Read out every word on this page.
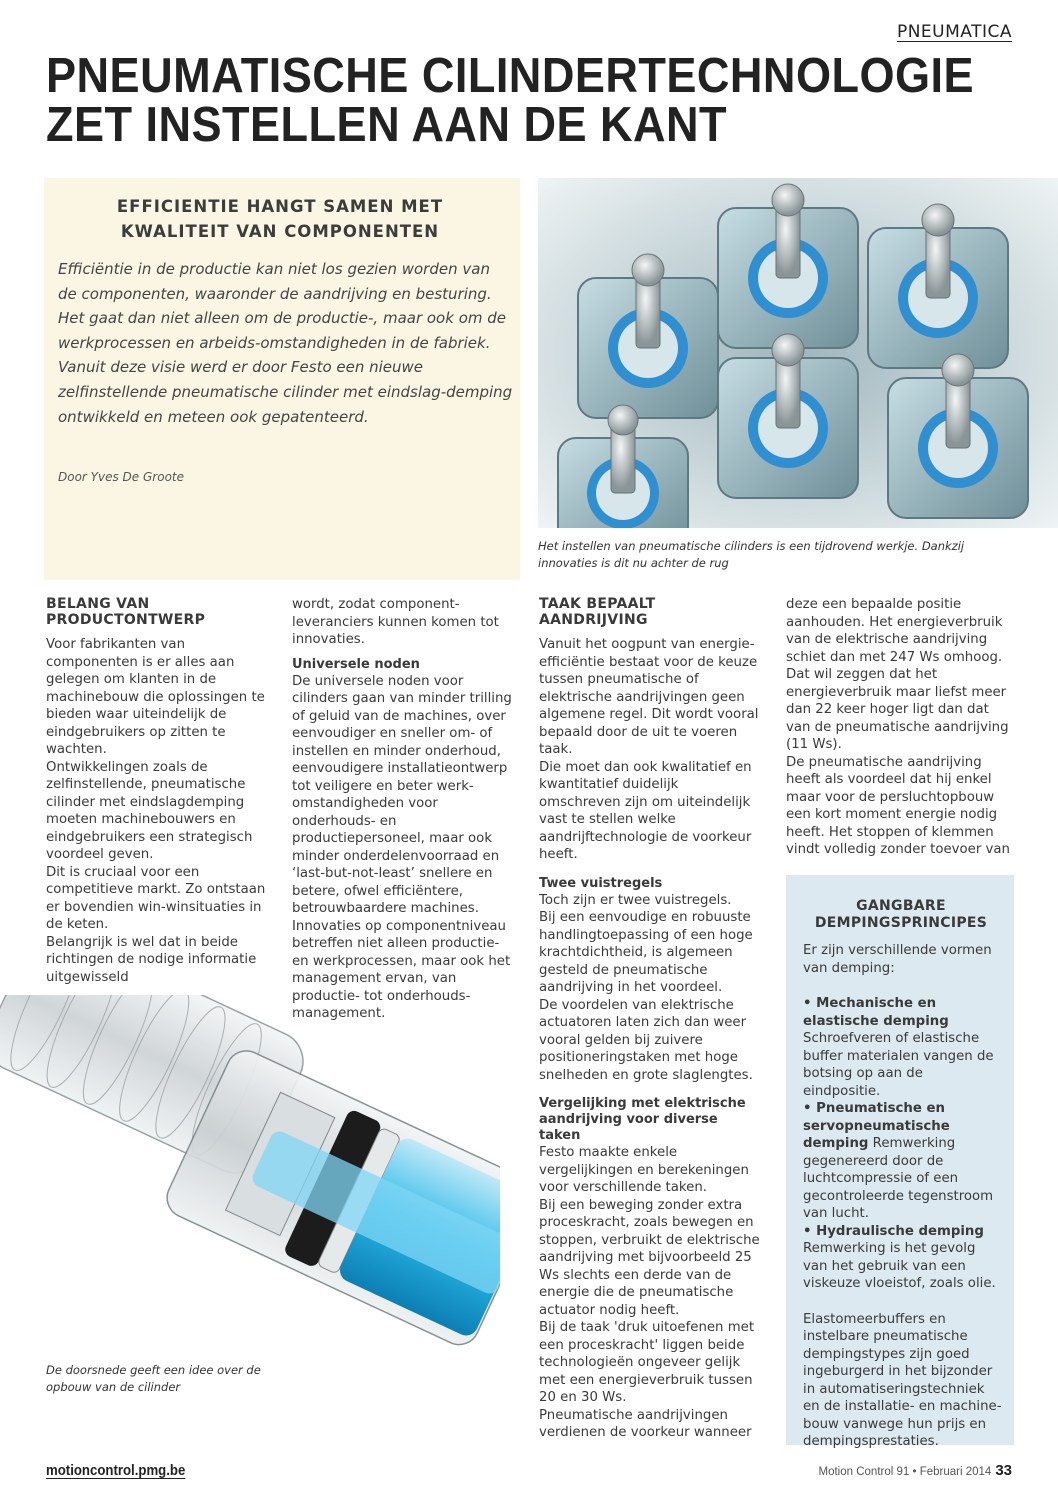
PNEUMATICA
PNEUMATISCHE CILINDERTECHNOLOGIE
ZET INSTELLEN AAN DE KANT
EFFICIENTIE HANGT SAMEN MET
KWALITEIT VAN COMPONENTEN

Efficiëntie in de productie kan niet los gezien worden van de componenten, waaronder de aandrijving en besturing. Het gaat dan niet alleen om de productie-, maar ook om de werkprocessen en arbeids-omstandigheden in de fabriek.

Vanuit deze visie werd er door Festo een nieuwe zelfinstellende pneumatische cilinder met eindslag-demping ontwikkeld en meteen ook gepatenteerd.

Door Yves De Groote
Het instellen van pneumatische cilinders is een tijdrovend werkje. Dankzij innovaties is dit nu achter de rug
BELANG VAN
PRODUCTONTWERP

Voor fabrikanten van componenten is er alles aan gelegen om klanten in de machinebouw die oplossingen te bieden waar uiteindelijk de eindgebruikers op zitten te wachten.

Ontwikkelingen zoals de zelfinstellende, pneumatische cilinder met eindslagdemping moeten machinebouwers en eindgebruikers een strategisch voordeel geven.

Dit is cruciaal voor een competitieve markt. Zo ontstaan er bovendien win-winsituaties in de keten.

Belangrijk is wel dat in beide richtingen de nodige informatie uitgewisseld

wordt, zodat component-leveranciers kunnen komen tot innovaties.

Universele noden

De universele noden voor cilinders gaan van minder trilling of geluid van de machines, over eenvoudiger en sneller om- of instellen en minder onderhoud, eenvoudigere installatieontwerp tot veiligere en beter werk-omstandigheden voor onderhouds- en productiepersoneel, maar ook minder onderdelenvoorraad en ‘last-but-not-least’ snellere en betere, ofwel efficiëntere, betrouwbaardere machines.

Innovaties op componentniveau betreffen niet alleen productie- en werkprocessen, maar ook het management ervan, van productie- tot onderhouds-management.

De doorsnede geeft een idee over de opbouw van de cilinder
TAAK BEPAALT
AANDRIJVING

Vanuit het oogpunt van energie-efficiëntie bestaat voor de keuze tussen pneumatische of elektrische aandrijvingen geen algemene regel. Dit wordt vooral bepaald door de uit te voeren taak.

Die moet dan ook kwalitatief en kwantitatief duidelijk omschreven zijn om uiteindelijk vast te stellen welke aandrijftechnologie de voorkeur heeft.

Twee vuistregels

Toch zijn er twee vuistregels.

Bij een eenvoudige en robuuste handlingtoepassing of een hoge krachtdichtheid, is algemeen gesteld de pneumatische aandrijving in het voordeel.

De voordelen van elektrische actuatoren laten zich dan weer vooral gelden bij zuivere positioneringstaken met hoge snelheden en grote slaglengtes.

Vergelijking met elektrische
aandrijving voor diverse taken

Festo maakte enkele vergelijkingen en berekeningen voor verschillende taken.

Bij een beweging zonder extra proceskracht, zoals bewegen en stoppen, verbruikt de elektrische aandrijving met bijvoorbeeld 25 Ws slechts een derde van de energie die de pneumatische actuator nodig heeft.

Bij de taak 'druk uitoefenen met een proceskracht' liggen beide technologieën ongeveer gelijk met een energieverbruik tussen 20 en 30 Ws.

Pneumatische aandrijvingen verdienen de voorkeur wanneer

deze een bepaalde positie aanhouden. Het energieverbruik van de elektrische aandrijving schiet dan met 247 Ws omhoog. Dat wil zeggen dat het energieverbruik maar liefst meer dan 22 keer hoger ligt dan dat van de pneumatische aandrijving (11 Ws).

De pneumatische aandrijving heeft als voordeel dat hij enkel maar voor de persluchtopbouw een kort moment energie nodig heeft. Het stoppen of klemmen vindt volledig zonder toevoer van

GANGBARE
DEMPINGSPRINCIPES

Er zijn verschillende vormen van demping:

• Mechanische en elastische demping Schroefveren of elastische buffer materialen vangen de botsing op aan de eindpositie.

• Pneumatische en servopneumatische demping Remwerking gegenereerd door de luchtcompressie of een gecontroleerde tegenstroom van lucht.

• Hydraulische demping Remwerking is het gevolg van het gebruik van een viskeuze vloeistof, zoals olie.

Elastomeerbuffers en instelbare pneumatische dempingstypes zijn goed ingeburgerd in het bijzonder in automatiseringstechniek en de installatie- en machine-bouw vanwege hun prijs en dempingsprestaties.

motioncontrol.pmg.be	Motion Control 91 • Februari 2014 33
